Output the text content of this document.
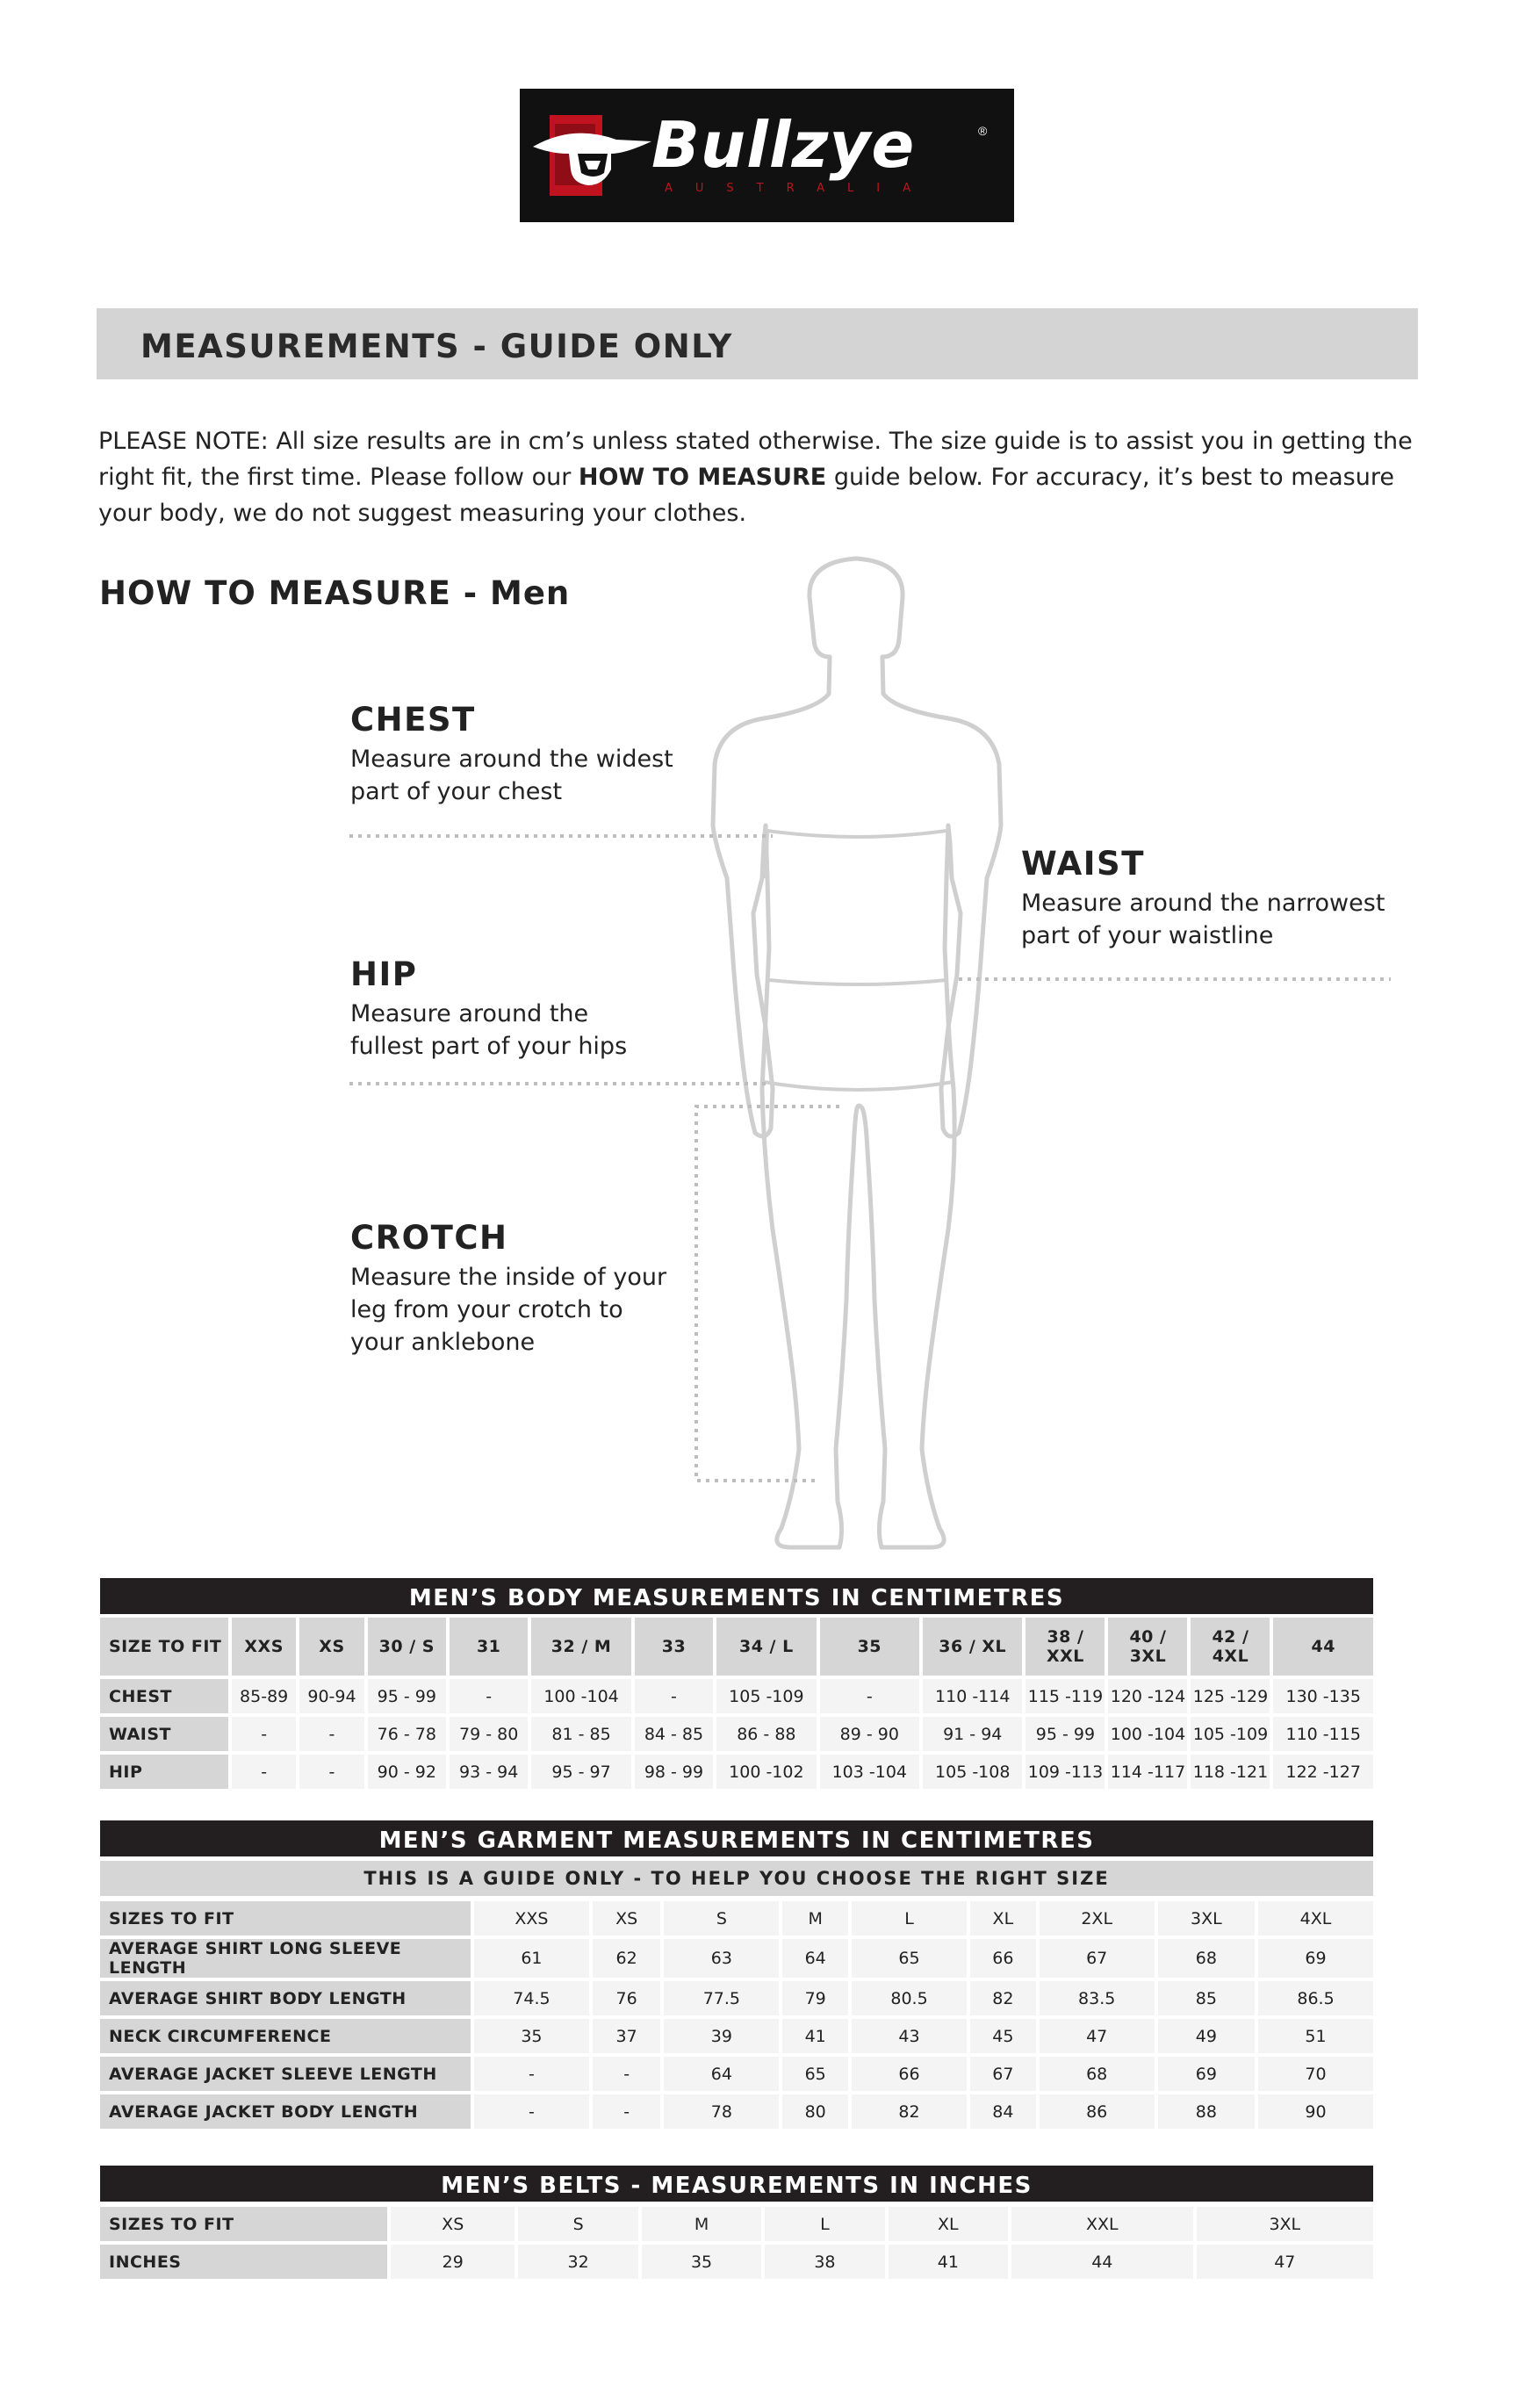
Bullzye	®
AUSTRALIA
MEASUREMENTS - GUIDE ONLY
PLEASE NOTE: All size results are in cm’s unless stated otherwise. The size guide is to assist you in getting the right fit, the first time. Please follow our HOW TO MEASURE guide below. For accuracy, it’s best to measure your body, we do not suggest measuring your clothes.
HOW TO MEASURE - Men
CHEST
Measure around the widest
part of your chest
WAIST
Measure around the narrowest
part of your waistline
HIP
Measure around the
fullest part of your hips
CROTCH
Measure the inside of your
leg from your crotch to
your anklebone
MEN’S BODY MEASUREMENTS IN CENTIMETRES
SIZE TO FIT	XXS	XS	30 / S	31	32 / M	33	34 / L	35	36 / XL	38 / XXL	40 / 3XL	42 / 4XL	44
CHEST	85-89	90-94	95 - 99	-	100 -104	-	105 -109	-	110 -114	115 -119	120 -124	125 -129	130 -135
WAIST	-	-	76 - 78	79 - 80	81 - 85	84 - 85	86 - 88	89 - 90	91 - 94	95 - 99	100 -104	105 -109	110 -115
HIP	-	-	90 - 92	93 - 94	95 - 97	98 - 99	100 -102	103 -104	105 -108	109 -113	114 -117	118 -121	122 -127
MEN’S GARMENT MEASUREMENTS IN CENTIMETRES
THIS IS A GUIDE ONLY - TO HELP YOU CHOOSE THE RIGHT SIZE
SIZES TO FIT	XXS	XS	S	M	L	XL	2XL	3XL	4XL
AVERAGE SHIRT LONG SLEEVE LENGTH	61	62	63	64	65	66	67	68	69
AVERAGE SHIRT BODY LENGTH	74.5	76	77.5	79	80.5	82	83.5	85	86.5
NECK CIRCUMFERENCE	35	37	39	41	43	45	47	49	51
AVERAGE JACKET SLEEVE LENGTH	-	-	64	65	66	67	68	69	70
AVERAGE JACKET BODY LENGTH	-	-	78	80	82	84	86	88	90
MEN’S BELTS - MEASUREMENTS IN INCHES
SIZES TO FIT	XS	S	M	L	XL	XXL	3XL
INCHES	29	32	35	38	41	44	47
